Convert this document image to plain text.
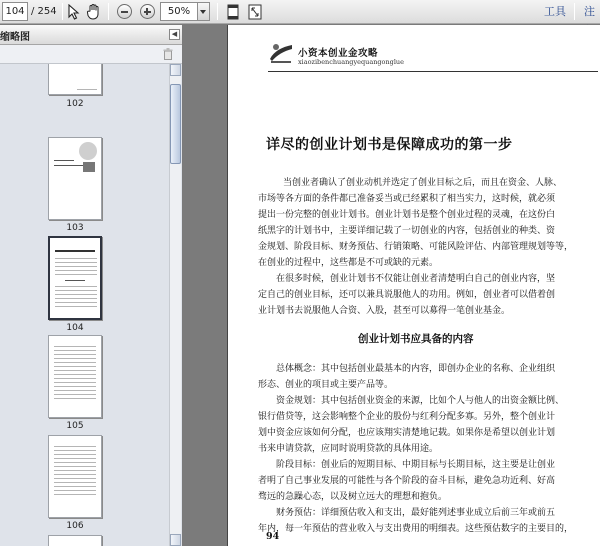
104 / 254	50%	工具 注
缩略图	◀
102
103
104
105
106
小资本创业金攻略
xiaozibenchuangyequangonglue
详尽的创业计划书是保障成功的第一步
当创业者确认了创业动机并选定了创业目标之后，而且在资金、人脉、
市场等各方面的条件都已准备妥当或已经累积了相当实力，这时候，就必须
提出一份完整的创业计划书。创业计划书是整个创业过程的灵魂，在这份白
纸黑字的计划书中，主要详细记载了一切创业的内容，包括创业的种类、资
金规划、阶段目标、财务预估、行销策略、可能风险评估、内部管理规划等等，
在创业的过程中，这些都是不可或缺的元素。
在很多时候，创业计划书不仅能让创业者清楚明白自己的创业内容，坚
定自己的创业目标，还可以兼具说服他人的功用。例如，创业者可以借着创
业计划书去说服他人合资、入股，甚至可以募得一笔创业基金。
创业计划书应具备的内容
总体概念：其中包括创业最基本的内容，即创办企业的名称、企业组织
形态、创业的项目或主要产品等。
资金规划：其中包括创业资金的来源，比如个人与他人的出资金额比例、
银行借贷等，这会影响整个企业的股份与红利分配多寡。另外，整个创业计
划中资金应该如何分配，也应该翔实清楚地记载。如果你是希望以创业计划
书来申请贷款，应同时说明贷款的具体用途。
阶段目标：创业后的短期目标、中期目标与长期目标，这主要是让创业
者明了自己事业发展的可能性与各个阶段的奋斗目标，避免急功近利、好高
骛远的急躁心态，以及树立远大的理想和抱负。
财务预估：详细预估收入和支出，最好能列述事业成立后前三年或前五
年内，每一年预估的营业收入与支出费用的明细表。这些预估数字的主要目的，
94
